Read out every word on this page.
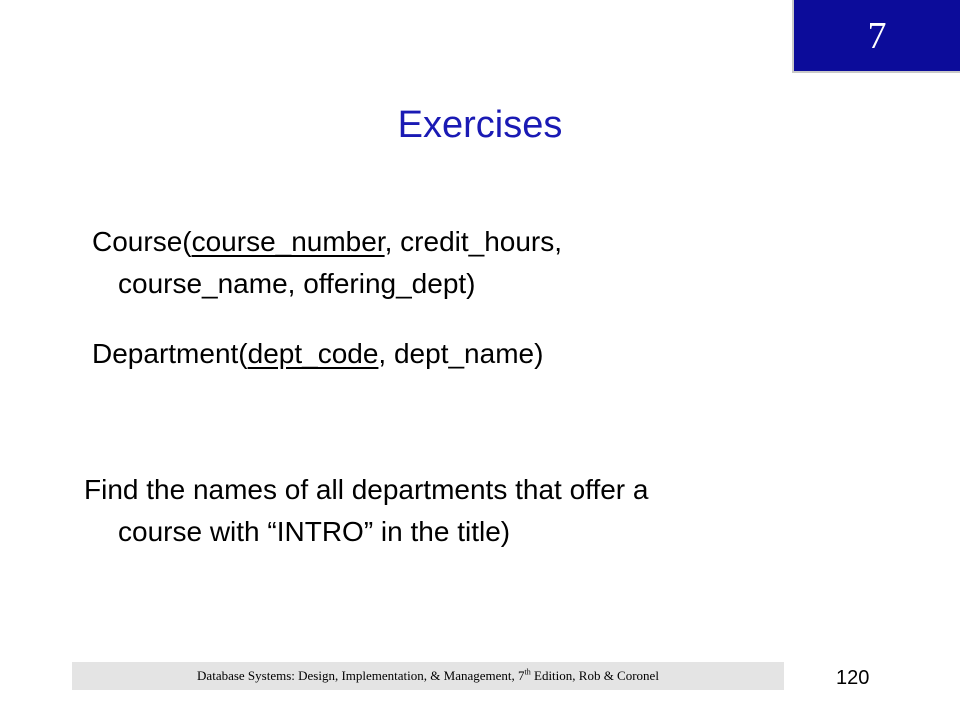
7
Exercises
Course(course_number, credit_hours,
course_name, offering_dept)
Department(dept_code, dept_name)
Find the names of all departments that offer a
course with “INTRO” in the title)
Database Systems: Design, Implementation, & Management, 7th Edition, Rob & Coronel	120
